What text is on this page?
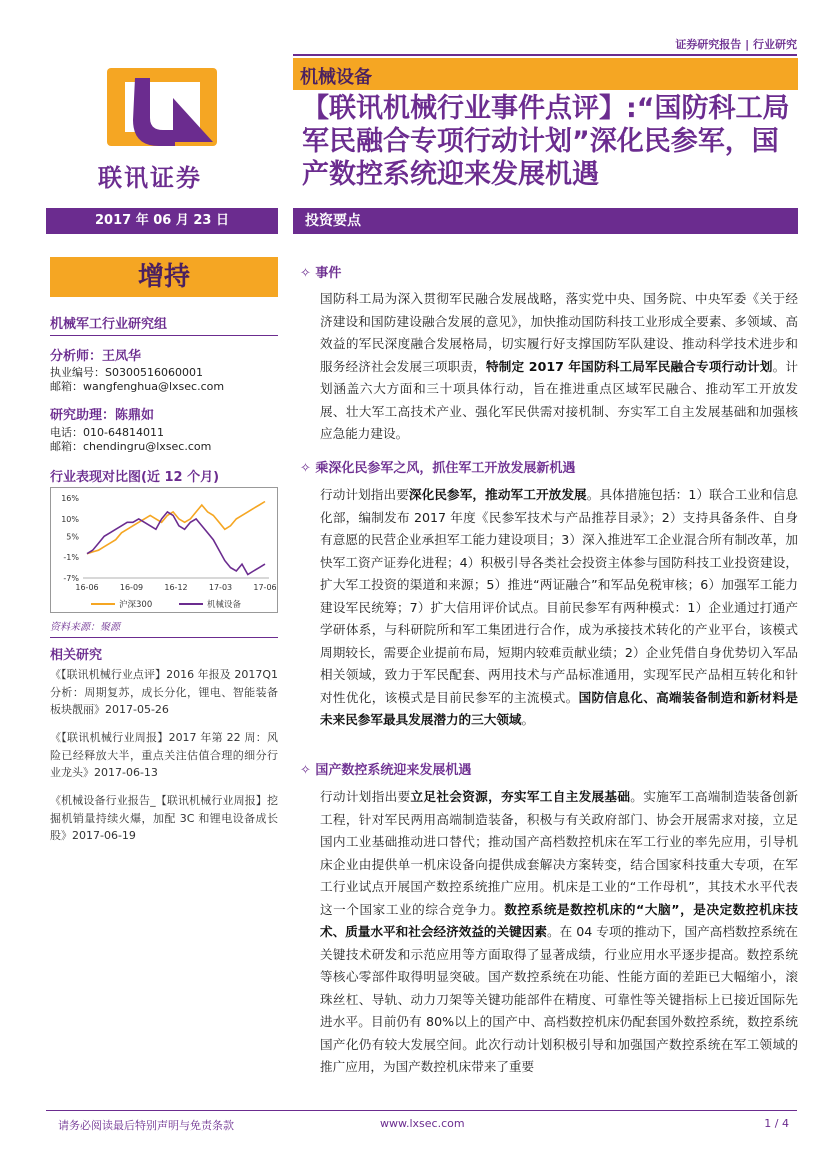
证券研究报告 | 行业研究
联讯证券
机械设备
【联讯机械行业事件点评】:“国防科工局军民融合专项行动计划”深化民参军，国产数控系统迎来发展机遇
2017 年 06 月 23 日	投资要点
增持
机械军工行业研究组
分析师：王凤华
执业编号：S0300516060001
邮箱：wangfenghua@lxsec.com
研究助理：陈鼎如
电话：010-64814011
邮箱：chendingru@lxsec.com
行业表现对比图(近 12 个月)
16%
10%
5%
-1%
-7%
16-06	16-09	16-12	17-03	17-06
沪深300	机械设备
资料来源：聚源
相关研究
《【联讯机械行业点评】2016 年报及 2017Q1 分析：周期复苏，成长分化，锂电、智能装备板块靓丽》2017-05-26
《【联讯机械行业周报】2017 年第 22 周：风险已经释放大半，重点关注估值合理的细分行业龙头》2017-06-13
《机械设备行业报告_【联讯机械行业周报】挖掘机销量持续火爆，加配 3C 和锂电设备成长股》2017-06-19
✧ 事件
国防科工局为深入贯彻军民融合发展战略，落实党中央、国务院、中央军委《关于经济建设和国防建设融合发展的意见》，加快推动国防科技工业形成全要素、多领域、高效益的军民深度融合发展格局，切实履行好支撑国防军队建设、推动科学技术进步和服务经济社会发展三项职责，特制定 2017 年国防科工局军民融合专项行动计划。计划涵盖六大方面和三十项具体行动，旨在推进重点区域军民融合、推动军工开放发展、壮大军工高技术产业、强化军民供需对接机制、夯实军工自主发展基础和加强核应急能力建设。
✧ 乘深化民参军之风，抓住军工开放发展新机遇
行动计划指出要深化民参军，推动军工开放发展。具体措施包括：1）联合工业和信息化部，编制发布 2017 年度《民参军技术与产品推荐目录》；2）支持具备条件、自身有意愿的民营企业承担军工能力建设项目；3）深入推进军工企业混合所有制改革，加快军工资产证券化进程；4）积极引导各类社会投资主体参与国防科技工业投资建设，扩大军工投资的渠道和来源；5）推进“两证融合”和军品免税审核；6）加强军工能力建设军民统筹；7）扩大信用评价试点。目前民参军有两种模式：1）企业通过打通产学研体系，与科研院所和军工集团进行合作，成为承接技术转化的产业平台，该模式周期较长，需要企业提前布局，短期内较难贡献业绩；2）企业凭借自身优势切入军品相关领域，致力于军民配套、两用技术与产品标准通用，实现军民产品相互转化和针对性优化，该模式是目前民参军的主流模式。国防信息化、高端装备制造和新材料是未来民参军最具发展潜力的三大领域。
✧ 国产数控系统迎来发展机遇
行动计划指出要立足社会资源，夯实军工自主发展基础。实施军工高端制造装备创新工程，针对军民两用高端制造装备，积极与有关政府部门、协会开展需求对接，立足国内工业基础推动进口替代；推动国产高档数控机床在军工行业的率先应用，引导机床企业由提供单一机床设备向提供成套解决方案转变，结合国家科技重大专项，在军工行业试点开展国产数控系统推广应用。机床是工业的“工作母机”，其技术水平代表这一个国家工业的综合竞争力。数控系统是数控机床的“大脑”，是决定数控机床技术、质量水平和社会经济效益的关键因素。在 04 专项的推动下，国产高档数控系统在关键技术研发和示范应用等方面取得了显著成绩，行业应用水平逐步提高。数控系统等核心零部件取得明显突破。国产数控系统在功能、性能方面的差距已大幅缩小，滚珠丝杠、导轨、动力刀架等关键功能部件在精度、可靠性等关键指标上已接近国际先进水平。目前仍有 80%以上的国产中、高档数控机床仍配套国外数控系统，数控系统国产化仍有较大发展空间。此次行动计划积极引导和加强国产数控系统在军工领域的推广应用，为国产数控机床带来了重要
请务必阅读最后特别声明与免责条款	www.lxsec.com	1 / 4
